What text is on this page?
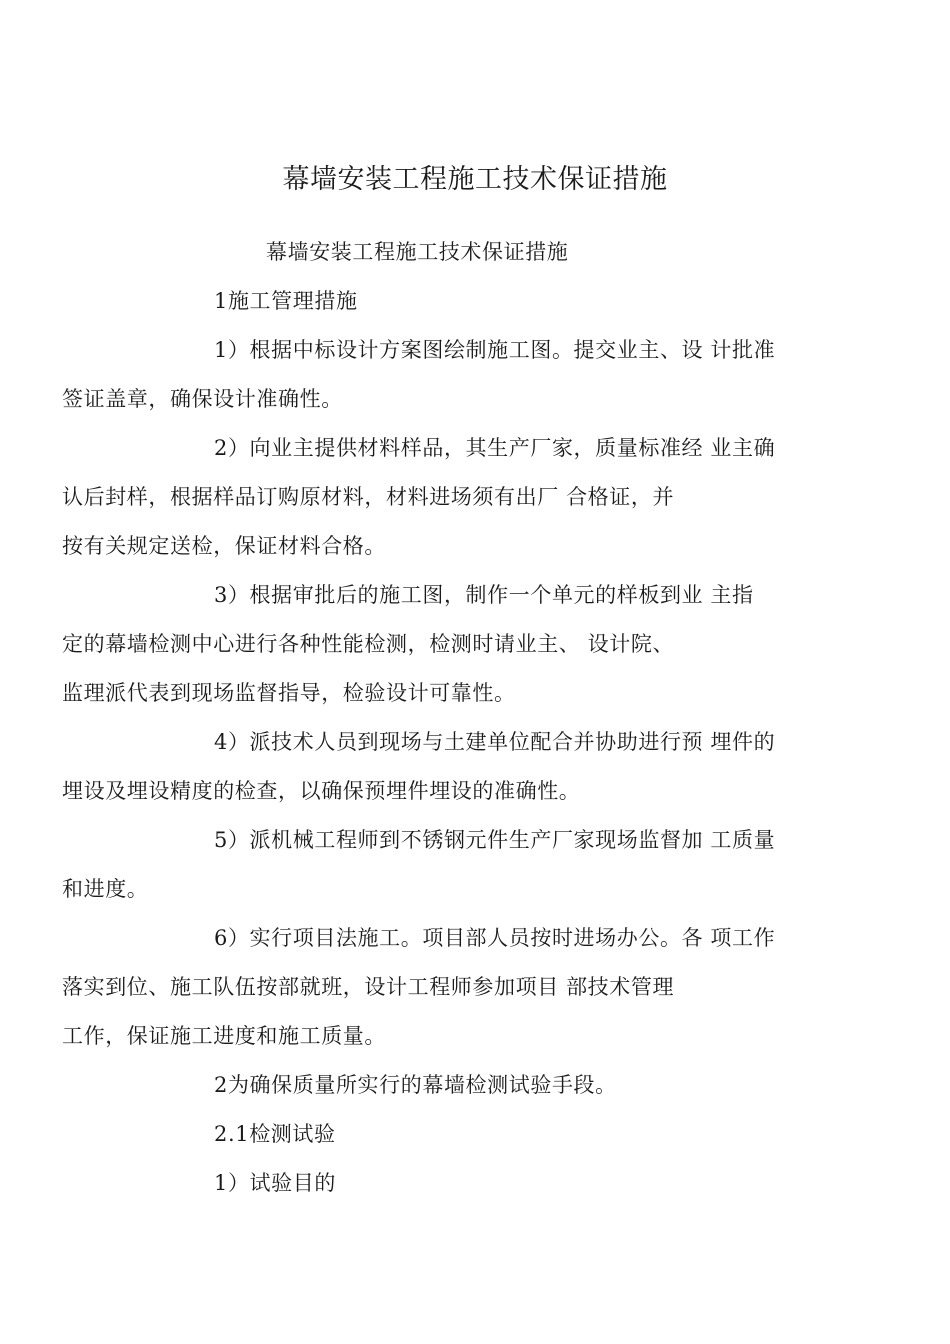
幕墙安装工程施工技术保证措施

幕墙安装工程施工技术保证措施

1施工管理措施

1）根据中标设计方案图绘制施工图。提交业主、设 计批准
签证盖章，确保设计准确性。

2）向业主提供材料样品，其生产厂家，质量标准经 业主确
认后封样，根据样品订购原材料，材料进场须有出厂 合格证，并
按有关规定送检，保证材料合格。

3）根据审批后的施工图，制作一个单元的样板到业 主指
定的幕墙检测中心进行各种性能检测，检测时请业主、 设计院、
监理派代表到现场监督指导，检验设计可靠性。

4）派技术人员到现场与土建单位配合并协助进行预 埋件的
埋设及埋设精度的检查，以确保预埋件埋设的准确性。

5）派机械工程师到不锈钢元件生产厂家现场监督加 工质量
和进度。

6）实行项目法施工。项目部人员按时进场办公。各 项工作
落实到位、施工队伍按部就班，设计工程师参加项目 部技术管理
工作，保证施工进度和施工质量。

2为确保质量所实行的幕墙检测试验手段。

2.1检测试验

1）试验目的
